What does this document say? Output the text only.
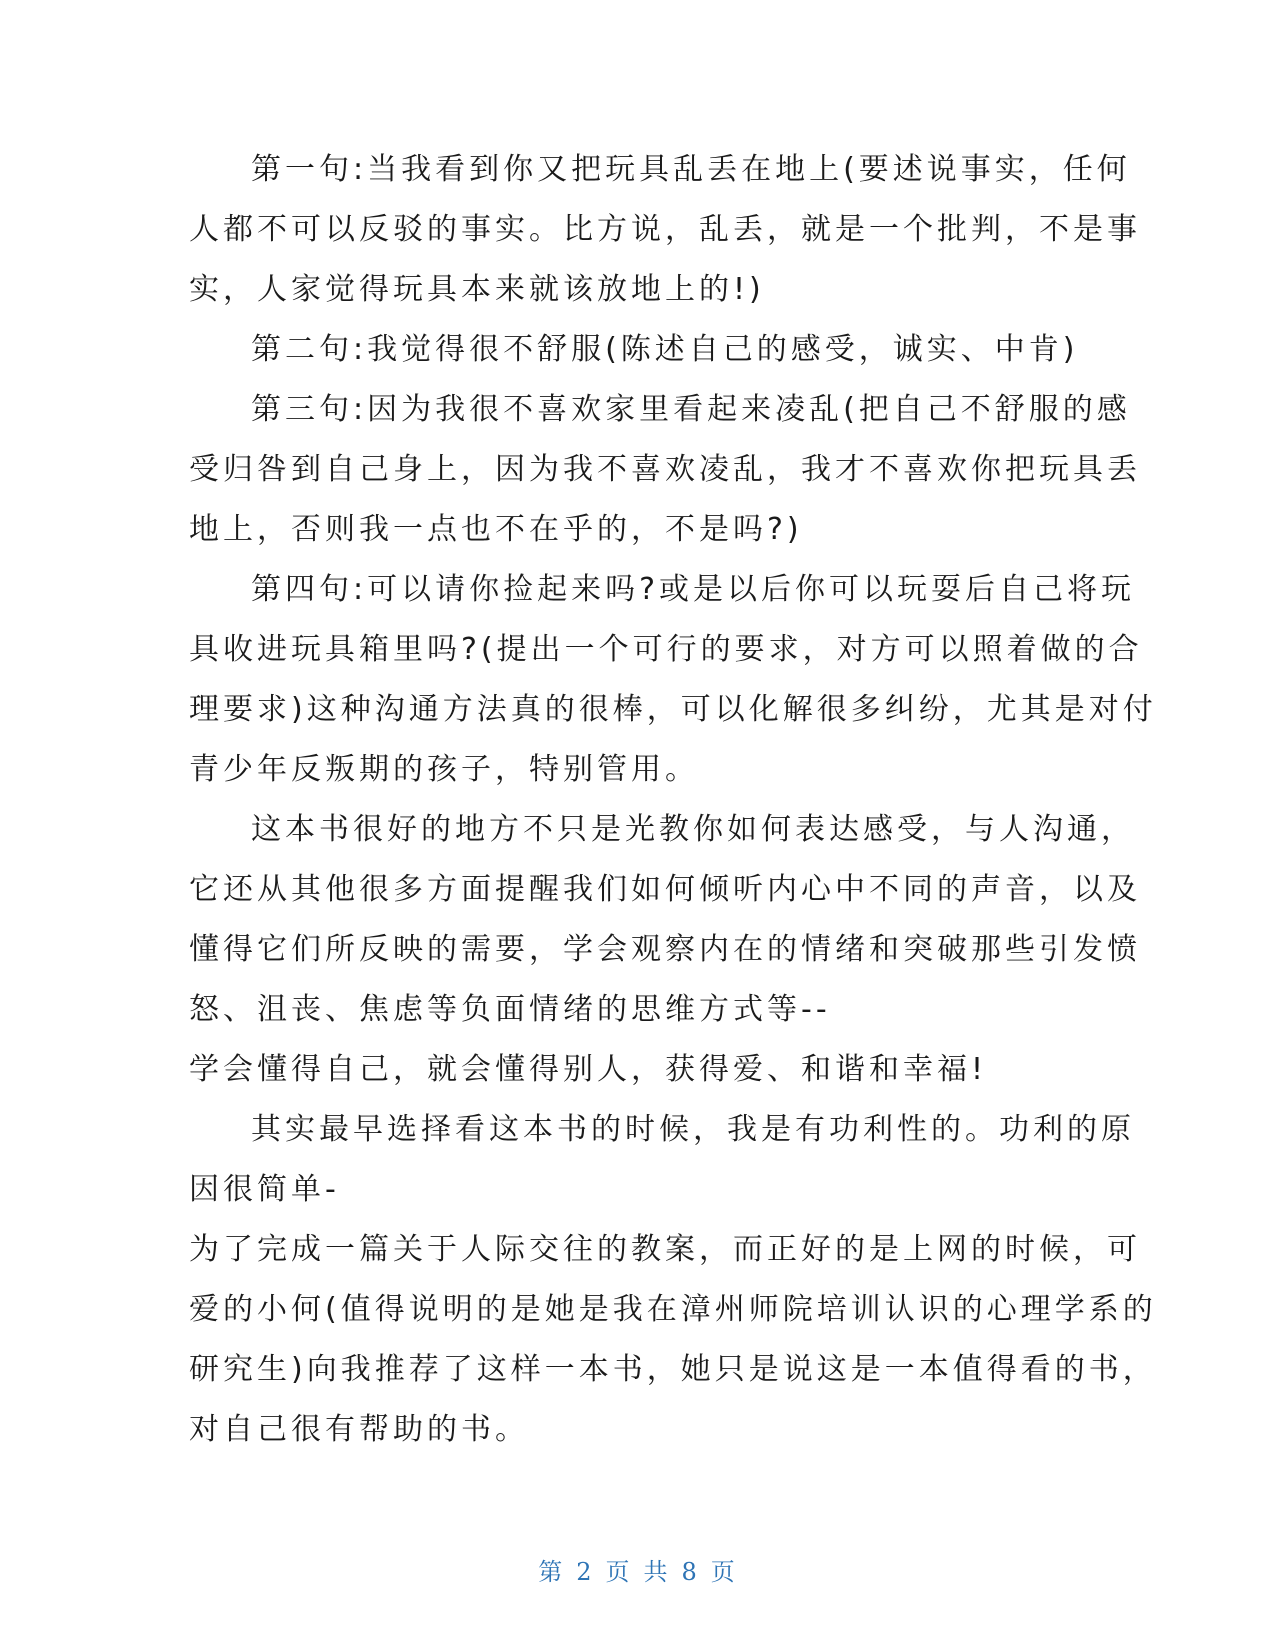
第一句:当我看到你又把玩具乱丢在地上(要述说事实，任何
人都不可以反驳的事实。比方说，乱丢，就是一个批判，不是事
实，人家觉得玩具本来就该放地上的!)
第二句:我觉得很不舒服(陈述自己的感受，诚实、中肯)
第三句:因为我很不喜欢家里看起来凌乱(把自己不舒服的感
受归咎到自己身上，因为我不喜欢凌乱，我才不喜欢你把玩具丢
地上，否则我一点也不在乎的，不是吗?)
第四句:可以请你捡起来吗?或是以后你可以玩耍后自己将玩
具收进玩具箱里吗?(提出一个可行的要求，对方可以照着做的合
理要求)这种沟通方法真的很棒，可以化解很多纠纷，尤其是对付
青少年反叛期的孩子，特别管用。
这本书很好的地方不只是光教你如何表达感受，与人沟通，
它还从其他很多方面提醒我们如何倾听内心中不同的声音，以及
懂得它们所反映的需要，学会观察内在的情绪和突破那些引发愤
怒、沮丧、焦虑等负面情绪的思维方式等--
学会懂得自己，就会懂得别人，获得爱、和谐和幸福!
其实最早选择看这本书的时候，我是有功利性的。功利的原
因很简单-
为了完成一篇关于人际交往的教案，而正好的是上网的时候，可
爱的小何(值得说明的是她是我在漳州师院培训认识的心理学系的
研究生)向我推荐了这样一本书，她只是说这是一本值得看的书，
对自己很有帮助的书。
第 2 页 共 8 页
